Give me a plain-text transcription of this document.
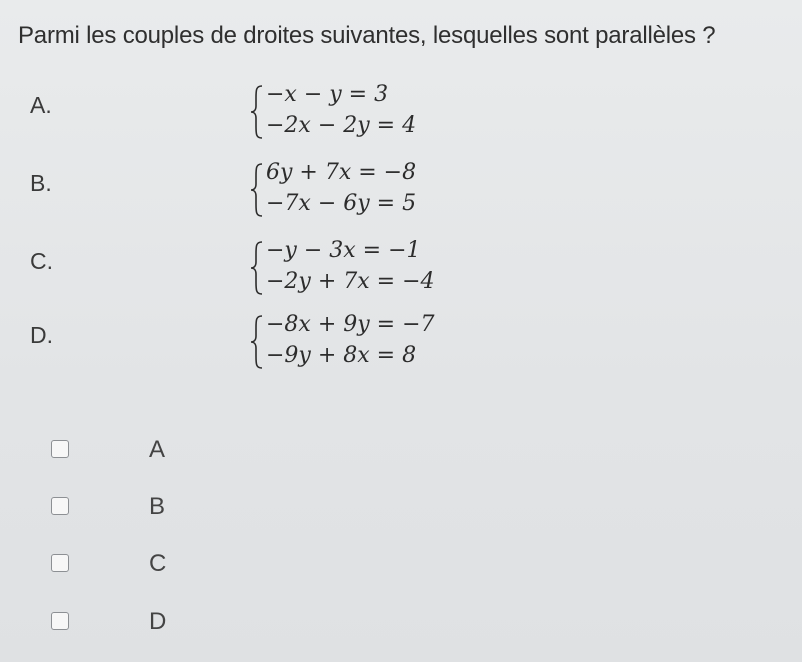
Parmi les couples de droites suivantes, lesquelles sont parallèles ?
A.	−x − y = 3
−2x − 2y = 4
B.	6y + 7x = −8
−7x − 6y = 5
C.	−y − 3x = −1
−2y + 7x = −4
D.	−8x + 9y = −7
−9y + 8x = 8
A
B
C
D
